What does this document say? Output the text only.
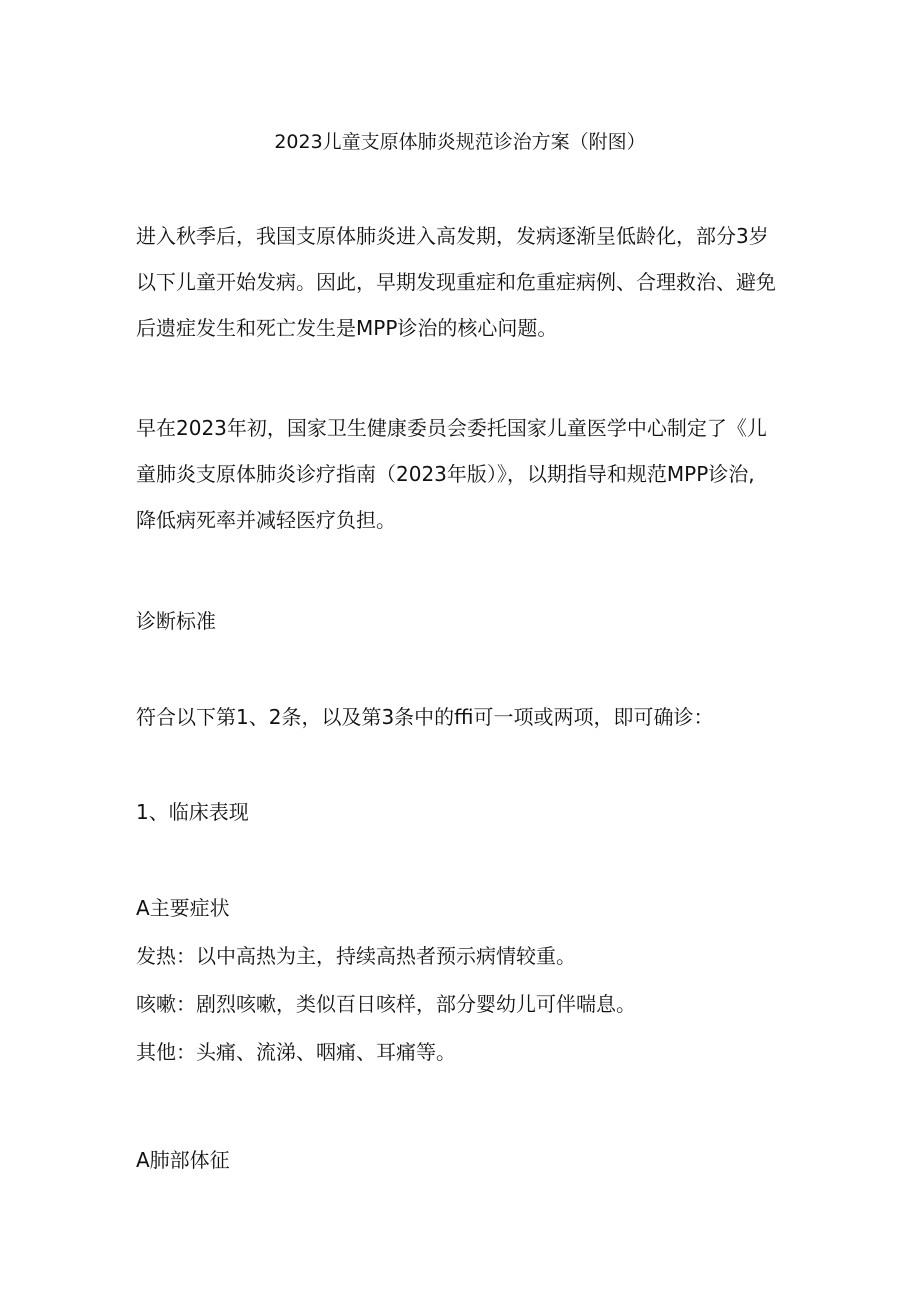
2023儿童支原体肺炎规范诊治方案（附图）
进入秋季后，我国支原体肺炎进入高发期，发病逐渐呈低龄化，部分3岁
以下儿童开始发病。因此，早期发现重症和危重症病例、合理救治、避免
后遗症发生和死亡发生是MPP诊治的核心问题。
早在2023年初，国家卫生健康委员会委托国家儿童医学中心制定了《儿
童肺炎支原体肺炎诊疗指南（2023年版）》，以期指导和规范MPP诊治,
降低病死率并减轻医疗负担。
诊断标准
符合以下第1、2条，以及第3条中的ffi可一项或两项，即可确诊：
1、临床表现
A主要症状
发热：以中高热为主，持续高热者预示病情较重。
咳嗽：剧烈咳嗽，类似百日咳样，部分婴幼儿可伴喘息。
其他：头痛、流涕、咽痛、耳痛等。
A肺部体征
